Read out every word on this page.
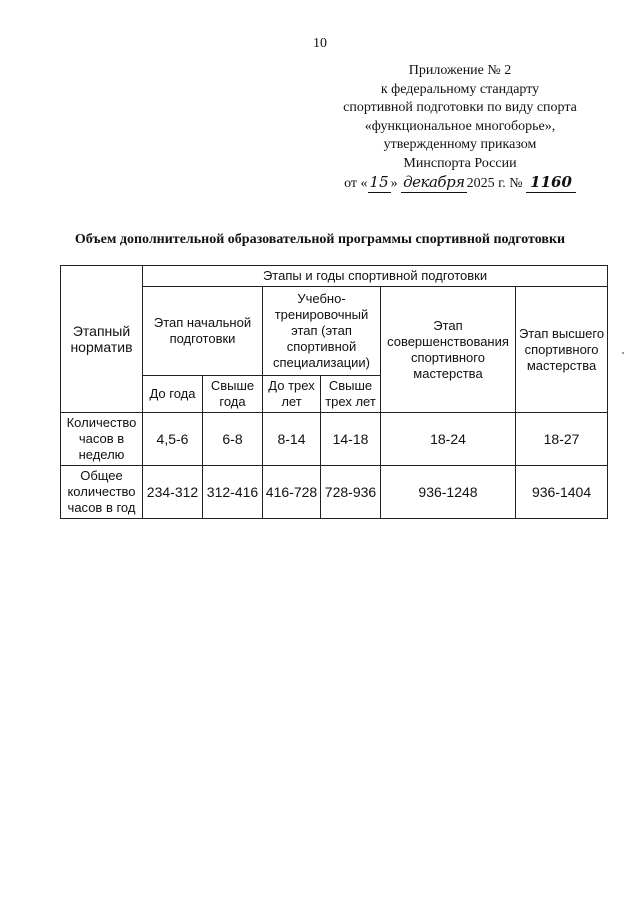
10
Приложение № 2
к федеральному стандарту
спортивной подготовки по виду спорта
«функциональное многоборье»,
утвержденному приказом
Минспорта России
от « 15 » декабря 2025 г. № 1160
Объем дополнительной образовательной программы спортивной подготовки
Этапный норматив	Этапы и годы спортивной подготовки					
	Этап начальной подготовки		Учебно-тренировочный этап (этап спортивной специализации)		Этап совершенствования спортивного мастерства	Этап высшего спортивного мастерства
	До года	Свыше года	До трех лет	Свыше трех лет		
Количество часов в неделю	4,5-6	6-8	8-14	14-18	18-24	18-27
Общее количество часов в год	234-312	312-416	416-728	728-936	936-1248	936-1404
